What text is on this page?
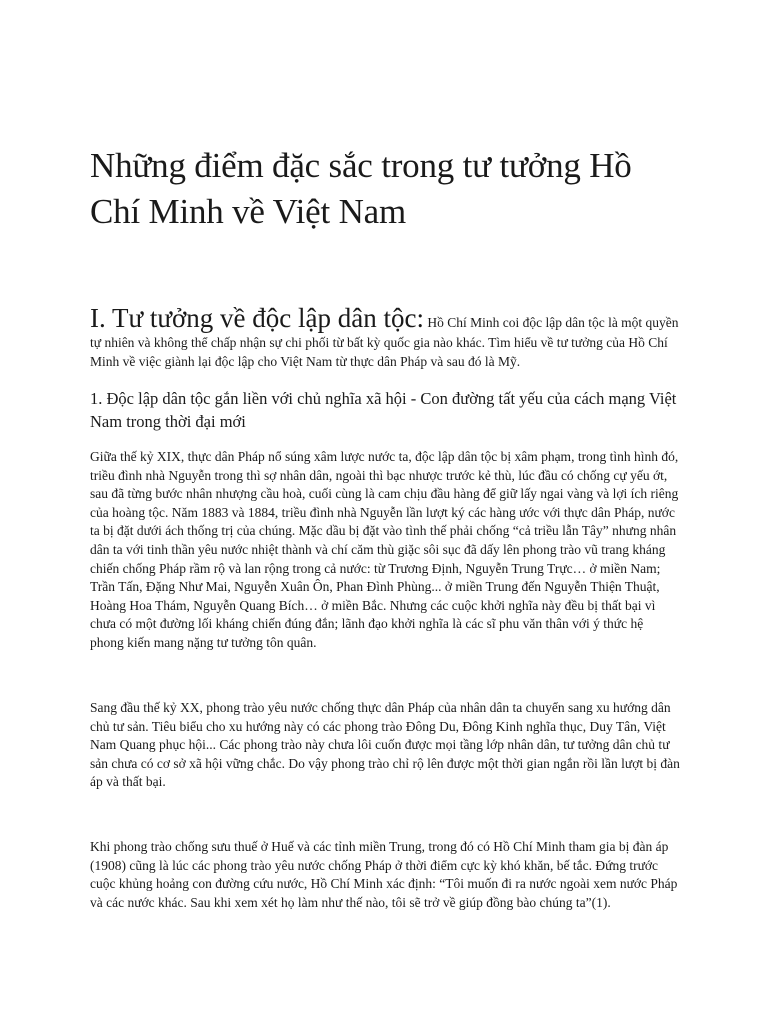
Những điểm đặc sắc trong tư tưởng Hồ Chí Minh về Việt Nam

I. Tư tưởng về độc lập dân tộc: Hồ Chí Minh coi độc lập dân tộc là một quyền tự nhiên và không thể chấp nhận sự chi phối từ bất kỳ quốc gia nào khác. Tìm hiểu về tư tưởng của Hồ Chí Minh về việc giành lại độc lập cho Việt Nam từ thực dân Pháp và sau đó là Mỹ.

1. Độc lập dân tộc gắn liền với chủ nghĩa xã hội - Con đường tất yếu của cách mạng Việt Nam trong thời đại mới

Giữa thế kỷ XIX, thực dân Pháp nổ súng xâm lược nước ta, độc lập dân tộc bị xâm phạm, trong tình hình đó, triều đình nhà Nguyễn trong thì sợ nhân dân, ngoài thì bạc nhược trước kẻ thù, lúc đầu có chống cự yếu ớt, sau đã từng bước nhân nhượng cầu hoà, cuối cùng là cam chịu đầu hàng để giữ lấy ngai vàng và lợi ích riêng của hoàng tộc. Năm 1883 và 1884, triều đình nhà Nguyễn lần lượt ký các hàng ước với thực dân Pháp, nước ta bị đặt dưới ách thống trị của chúng. Mặc dầu bị đặt vào tình thế phải chống “cả triều lẫn Tây” nhưng nhân dân ta với tinh thần yêu nước nhiệt thành và chí căm thù giặc sôi sục đã dấy lên phong trào vũ trang kháng chiến chống Pháp rầm rộ và lan rộng trong cả nước: từ Trương Định, Nguyễn Trung Trực… ở miền Nam; Trần Tấn, Đặng Như Mai, Nguyễn Xuân Ôn, Phan Đình Phùng... ở miền Trung đến Nguyễn Thiện Thuật, Hoàng Hoa Thám, Nguyễn Quang Bích… ở miền Bắc. Nhưng các cuộc khởi nghĩa này đều bị thất bại vì chưa có một đường lối kháng chiến đúng đắn; lãnh đạo khởi nghĩa là các sĩ phu văn thân với ý thức hệ phong kiến mang nặng tư tưởng tôn quân.

Sang đầu thế kỷ XX, phong trào yêu nước chống thực dân Pháp của nhân dân ta chuyển sang xu hướng dân chủ tư sản. Tiêu biểu cho xu hướng này có các phong trào Đông Du, Đông Kinh nghĩa thục, Duy Tân, Việt Nam Quang phục hội... Các phong trào này chưa lôi cuốn được mọi tầng lớp nhân dân, tư tưởng dân chủ tư sản chưa có cơ sở xã hội vững chắc. Do vậy phong trào chỉ rộ lên được một thời gian ngắn rồi lần lượt bị đàn áp và thất bại.

Khi phong trào chống sưu thuế ở Huế và các tỉnh miền Trung, trong đó có Hồ Chí Minh tham gia bị đàn áp (1908) cũng là lúc các phong trào yêu nước chống Pháp ở thời điểm cực kỳ khó khăn, bế tắc. Đứng trước cuộc khủng hoảng con đường cứu nước, Hồ Chí Minh xác định: “Tôi muốn đi ra nước ngoài xem nước Pháp và các nước khác. Sau khi xem xét họ làm như thế nào, tôi sẽ trở về giúp đồng bào chúng ta”(1).
